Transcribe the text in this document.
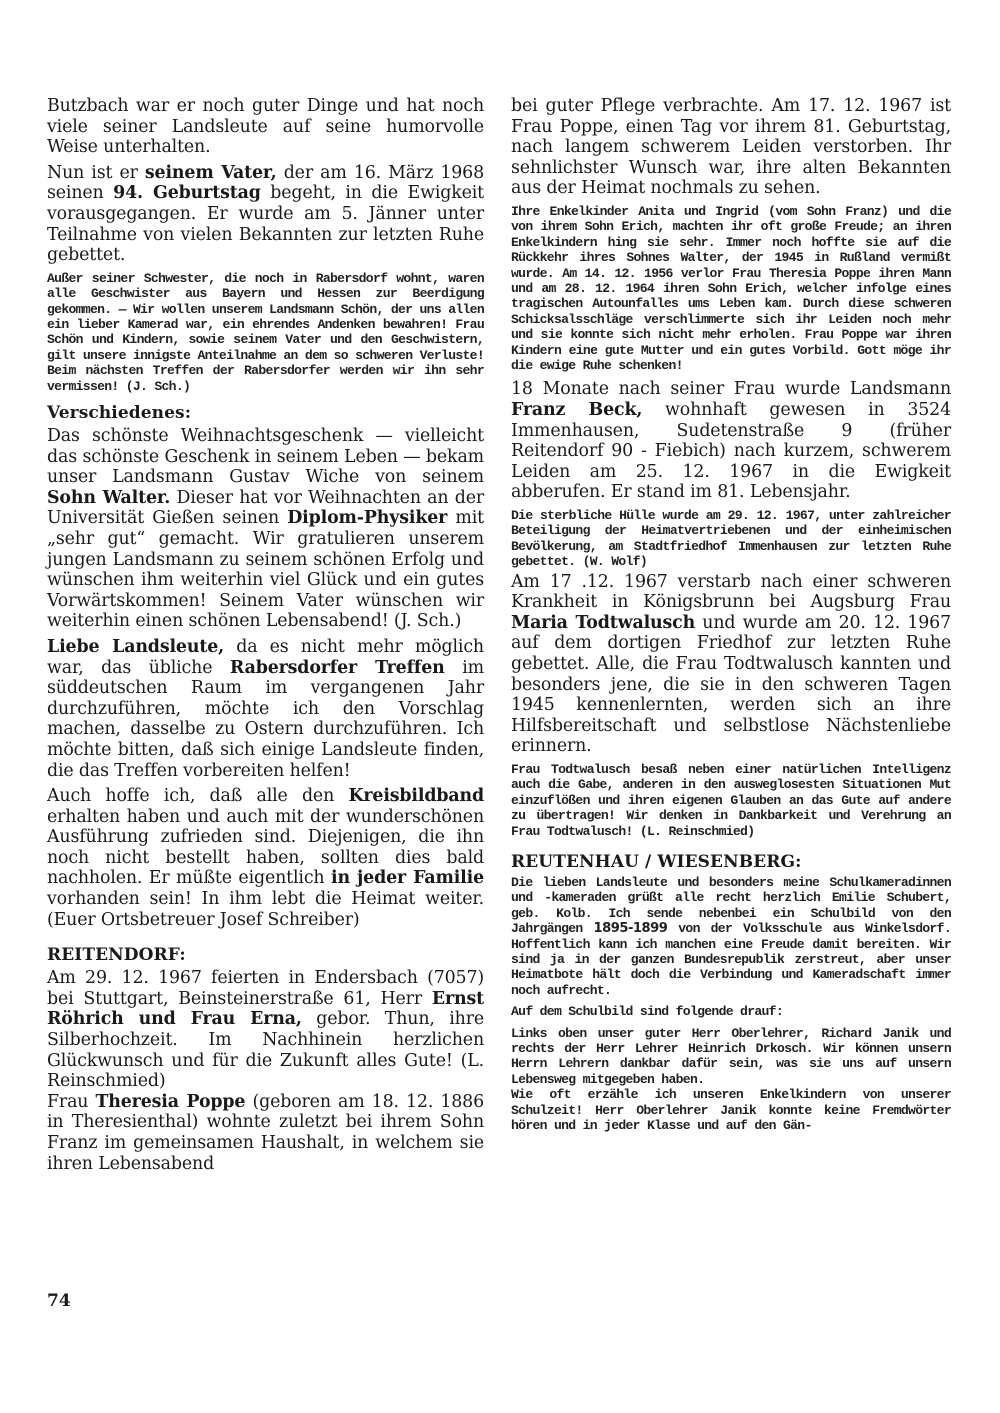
Butzbach war er noch guter Dinge und hat noch viele seiner Landsleute auf seine humorvolle Weise unterhalten.

Nun ist er seinem Vater, der am 16. März 1968 seinen 94. Geburtstag begeht, in die Ewigkeit vorausgegangen. Er wurde am 5. Jänner unter Teilnahme von vielen Bekannten zur letzten Ruhe gebettet.

Außer seiner Schwester, die noch in Rabersdorf wohnt, waren alle Geschwister aus Bayern und Hessen zur Beerdigung gekommen. — Wir wollen unserem Landsmann Schön, der uns allen ein lieber Kamerad war, ein ehrendes Andenken bewahren! Frau Schön und Kindern, sowie seinem Vater und den Geschwistern, gilt unsere innigste Anteilnahme an dem so schweren Verluste! Beim nächsten Treffen der Rabersdorfer werden wir ihn sehr vermissen! (J. Sch.)

Verschiedenes:

Das schönste Weihnachtsgeschenk — vielleicht das schönste Geschenk in seinem Leben — bekam unser Landsmann Gustav Wiche von seinem Sohn Walter. Dieser hat vor Weihnachten an der Universität Gießen seinen Diplom-Physiker mit „sehr gut“ gemacht. Wir gratulieren unserem jungen Landsmann zu seinem schönen Erfolg und wünschen ihm weiterhin viel Glück und ein gutes Vorwärtskommen! Seinem Vater wünschen wir weiterhin einen schönen Lebensabend! (J. Sch.)

Liebe Landsleute, da es nicht mehr möglich war, das übliche Rabersdorfer Treffen im süddeutschen Raum im vergangenen Jahr durchzuführen, möchte ich den Vorschlag machen, dasselbe zu Ostern durchzuführen. Ich möchte bitten, daß sich einige Landsleute finden, die das Treffen vorbereiten helfen!

Auch hoffe ich, daß alle den Kreisbildband erhalten haben und auch mit der wunderschönen Ausführung zufrieden sind. Diejenigen, die ihn noch nicht bestellt haben, sollten dies bald nachholen. Er müßte eigentlich in jeder Familie vorhanden sein! In ihm lebt die Heimat weiter. (Euer Ortsbetreuer Josef Schreiber)

REITENDORF:

Am 29. 12. 1967 feierten in Endersbach (7057) bei Stuttgart, Beinsteinerstraße 61, Herr Ernst Röhrich und Frau Erna, gebor. Thun, ihre Silberhochzeit. Im Nachhinein herzlichen Glückwunsch und für die Zukunft alles Gute! (L. Reinschmied)

Frau Theresia Poppe (geboren am 18. 12. 1886 in Theresienthal) wohnte zuletzt bei ihrem Sohn Franz im gemeinsamen Haushalt, in welchem sie ihren Lebensabend

bei guter Pflege verbrachte. Am 17. 12. 1967 ist Frau Poppe, einen Tag vor ihrem 81. Geburtstag, nach langem schwerem Leiden verstorben. Ihr sehnlichster Wunsch war, ihre alten Bekannten aus der Heimat nochmals zu sehen.

Ihre Enkelkinder Anita und Ingrid (vom Sohn Franz) und die von ihrem Sohn Erich, machten ihr oft große Freude; an ihren Enkelkindern hing sie sehr. Immer noch hoffte sie auf die Rückkehr ihres Sohnes Walter, der 1945 in Rußland vermißt wurde. Am 14. 12. 1956 verlor Frau Theresia Poppe ihren Mann und am 28. 12. 1964 ihren Sohn Erich, welcher infolge eines tragischen Autounfalles ums Leben kam. Durch diese schweren Schicksalsschläge verschlimmerte sich ihr Leiden noch mehr und sie konnte sich nicht mehr erholen. Frau Poppe war ihren Kindern eine gute Mutter und ein gutes Vorbild. Gott möge ihr die ewige Ruhe schenken!

18 Monate nach seiner Frau wurde Landsmann Franz Beck, wohnhaft gewesen in 3524 Immenhausen, Sudetenstraße 9 (früher Reitendorf 90 - Fiebich) nach kurzem, schwerem Leiden am 25. 12. 1967 in die Ewigkeit abberufen. Er stand im 81. Lebensjahr.

Die sterbliche Hülle wurde am 29. 12. 1967, unter zahlreicher Beteiligung der Heimatvertriebenen und der einheimischen Bevölkerung, am Stadtfriedhof Immenhausen zur letzten Ruhe gebettet. (W. Wolf)

Am 17 .12. 1967 verstarb nach einer schweren Krankheit in Königsbrunn bei Augsburg Frau Maria Todtwalusch und wurde am 20. 12. 1967 auf dem dortigen Friedhof zur letzten Ruhe gebettet. Alle, die Frau Todtwalusch kannten und besonders jene, die sie in den schweren Tagen 1945 kennenlernten, werden sich an ihre Hilfsbereitschaft und selbstlose Nächstenliebe erinnern.

Frau Todtwalusch besaß neben einer natürlichen Intelligenz auch die Gabe, anderen in den ausweglosesten Situationen Mut einzuflößen und ihren eigenen Glauben an das Gute auf andere zu übertragen! Wir denken in Dankbarkeit und Verehrung an Frau Todtwalusch! (L. Reinschmied)

REUTENHAU / WIESENBERG:

Die lieben Landsleute und besonders meine Schulkameradinnen und -kameraden grüßt alle recht herzlich Emilie Schubert, geb. Kolb. Ich sende nebenbei ein Schulbild von den Jahrgängen 1895-1899 von der Volksschule aus Winkelsdorf. Hoffentlich kann ich manchen eine Freude damit bereiten. Wir sind ja in der ganzen Bundesrepublik zerstreut, aber unser Heimatbote hält doch die Verbindung und Kameradschaft immer noch aufrecht.

Auf dem Schulbild sind folgende drauf:

Links oben unser guter Herr Oberlehrer, Richard Janik und rechts der Herr Lehrer Heinrich Drkosch. Wir können unsern Herrn Lehrern dankbar dafür sein, was sie uns auf unsern Lebensweg mitgegeben haben.

Wie oft erzähle ich unseren Enkelkindern von unserer Schulzeit! Herr Oberlehrer Janik konnte keine Fremdwörter hören und in jeder Klasse und auf den Gän-

74
